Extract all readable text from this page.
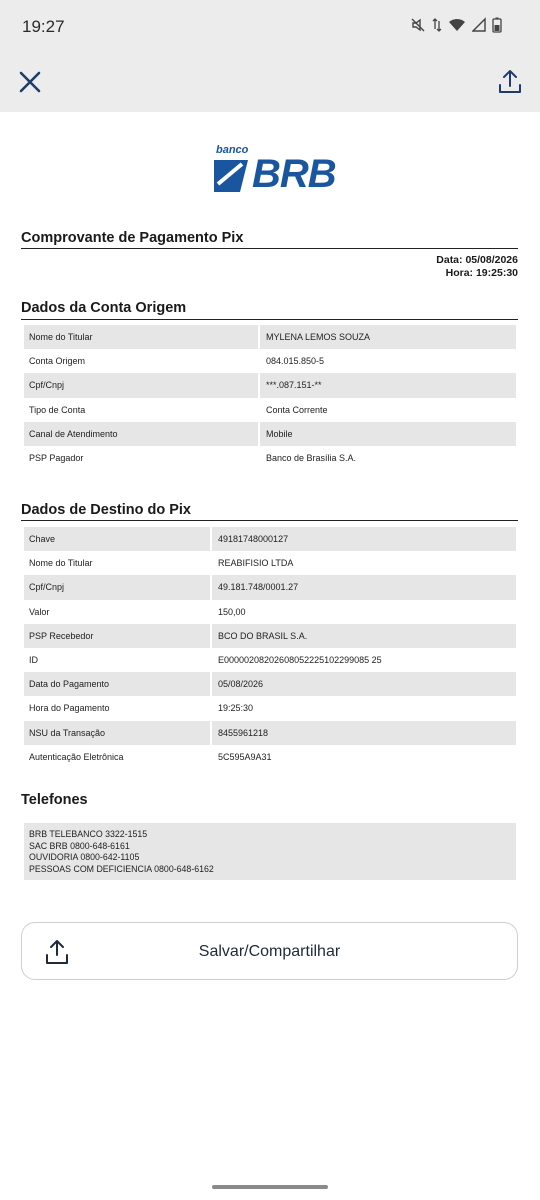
19:27
banco
BRB
Comprovante de Pagamento Pix
Data: 05/08/2026
Hora: 19:25:30
Dados da Conta Origem
Nome do Titular	MYLENA LEMOS SOUZA
Conta Origem	084.015.850-5
Cpf/Cnpj	***.087.151-**
Tipo de Conta	Conta Corrente
Canal de Atendimento	Mobile
PSP Pagador	Banco de Brasília S.A.
Dados de Destino do Pix
Chave	49181748000127
Nome do Titular	REABIFISIO LTDA
Cpf/Cnpj	49.181.748/0001.27
Valor	150,00
PSP Recebedor	BCO DO BRASIL S.A.
ID	E00000208202608052225102299085 25
Data do Pagamento	05/08/2026
Hora do Pagamento	19:25:30
NSU da Transação	8455961218
Autenticação Eletrônica	5C595A9A31
Telefones
BRB TELEBANCO 3322-1515
SAC BRB 0800-648-6161
OUVIDORIA 0800-642-1105
PESSOAS COM DEFICIENCIA 0800-648-6162
Salvar/Compartilhar
